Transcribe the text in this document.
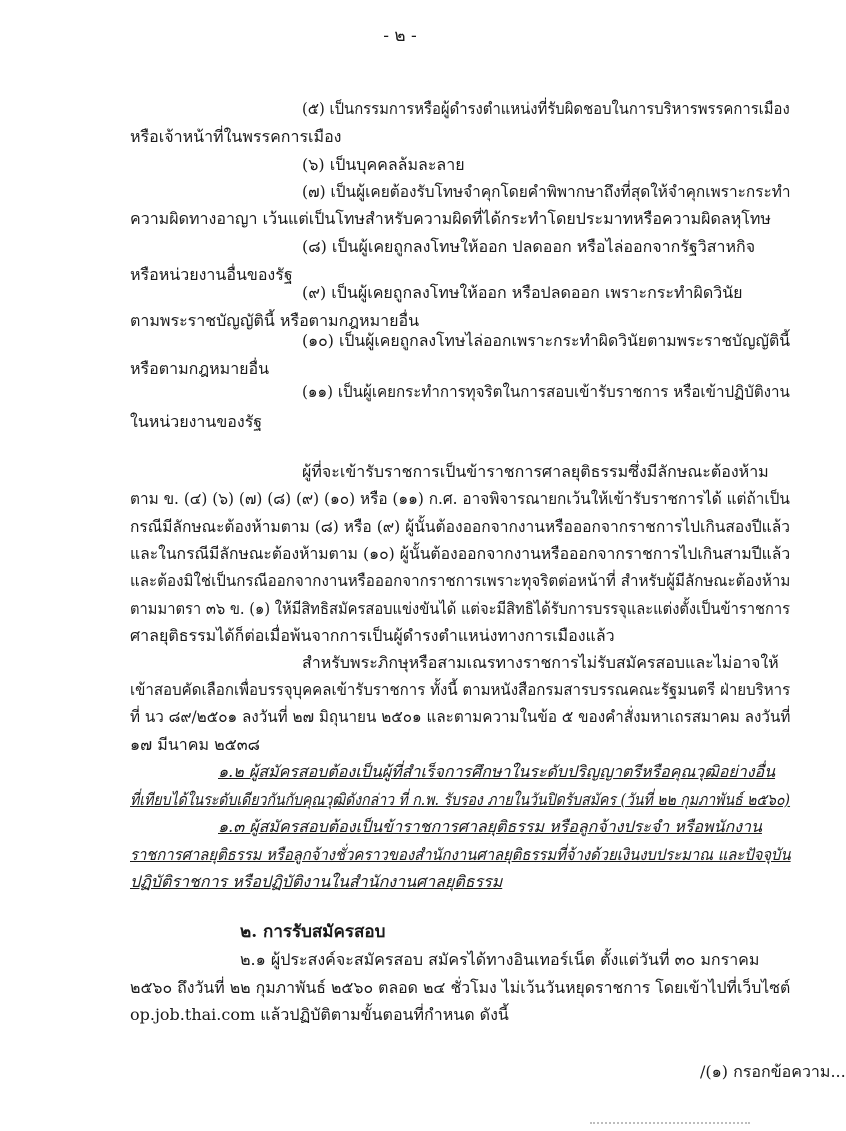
- ๒ -
(๕) เป็นกรรมการหรือผู้ดำรงตำแหน่งที่รับผิดชอบในการบริหารพรรคการเมือง
หรือเจ้าหน้าที่ในพรรคการเมือง
(๖) เป็นบุคคลล้มละลาย
(๗) เป็นผู้เคยต้องรับโทษจำคุกโดยคำพิพากษาถึงที่สุดให้จำคุกเพราะกระทำ
ความผิดทางอาญา เว้นแต่เป็นโทษสำหรับความผิดที่ได้กระทำโดยประมาทหรือความผิดลหุโทษ
(๘) เป็นผู้เคยถูกลงโทษให้ออก ปลดออก หรือไล่ออกจากรัฐวิสาหกิจ
หรือหน่วยงานอื่นของรัฐ
(๙) เป็นผู้เคยถูกลงโทษให้ออก หรือปลดออก เพราะกระทำผิดวินัย
ตามพระราชบัญญัตินี้ หรือตามกฎหมายอื่น
(๑๐) เป็นผู้เคยถูกลงโทษไล่ออกเพราะกระทำผิดวินัยตามพระราชบัญญัตินี้
หรือตามกฎหมายอื่น
(๑๑) เป็นผู้เคยกระทำการทุจริตในการสอบเข้ารับราชการ หรือเข้าปฏิบัติงาน
ในหน่วยงานของรัฐ
ผู้ที่จะเข้ารับราชการเป็นข้าราชการศาลยุติธรรมซึ่งมีลักษณะต้องห้าม
ตาม ข. (๔) (๖) (๗) (๘) (๙) (๑๐) หรือ (๑๑) ก.ศ. อาจพิจารณายกเว้นให้เข้ารับราชการได้ แต่ถ้าเป็น
กรณีมีลักษณะต้องห้ามตาม (๘) หรือ (๙) ผู้นั้นต้องออกจากงานหรือออกจากราชการไปเกินสองปีแล้ว
และในกรณีมีลักษณะต้องห้ามตาม (๑๐) ผู้นั้นต้องออกจากงานหรือออกจากราชการไปเกินสามปีแล้ว
และต้องมิใช่เป็นกรณีออกจากงานหรือออกจากราชการเพราะทุจริตต่อหน้าที่ สำหรับผู้มีลักษณะต้องห้าม
ตามมาตรา ๓๖ ข. (๑) ให้มีสิทธิสมัครสอบแข่งขันได้ แต่จะมีสิทธิได้รับการบรรจุและแต่งตั้งเป็นข้าราชการ
ศาลยุติธรรมได้ก็ต่อเมื่อพ้นจากการเป็นผู้ดำรงตำแหน่งทางการเมืองแล้ว
สำหรับพระภิกษุหรือสามเณรทางราชการไม่รับสมัครสอบและไม่อาจให้
เข้าสอบคัดเลือกเพื่อบรรจุบุคคลเข้ารับราชการ ทั้งนี้ ตามหนังสือกรมสารบรรณคณะรัฐมนตรี ฝ่ายบริหาร
ที่ นว ๘๙/๒๕๐๑ ลงวันที่ ๒๗ มิถุนายน ๒๕๐๑ และตามความในข้อ ๕ ของคำสั่งมหาเถรสมาคม ลงวันที่
๑๗ มีนาคม ๒๕๓๘
๑.๒ ผู้สมัครสอบต้องเป็นผู้ที่สำเร็จการศึกษาในระดับปริญญาตรีหรือคุณวุฒิอย่างอื่น
ที่เทียบได้ในระดับเดียวกันกับคุณวุฒิดังกล่าว ที่ ก.พ. รับรอง ภายในวันปิดรับสมัคร (วันที่ ๒๒ กุมภาพันธ์ ๒๕๖๐)
๑.๓ ผู้สมัครสอบต้องเป็นข้าราชการศาลยุติธรรม หรือลูกจ้างประจำ หรือพนักงาน
ราชการศาลยุติธรรม หรือลูกจ้างชั่วคราวของสำนักงานศาลยุติธรรมที่จ้างด้วยเงินงบประมาณ และปัจจุบัน
ปฏิบัติราชการ หรือปฏิบัติงานในสำนักงานศาลยุติธรรม
๒. การรับสมัครสอบ
๒.๑ ผู้ประสงค์จะสมัครสอบ สมัครได้ทางอินเทอร์เน็ต ตั้งแต่วันที่ ๓๐ มกราคม
๒๕๖๐ ถึงวันที่ ๒๒ กุมภาพันธ์ ๒๕๖๐ ตลอด ๒๔ ชั่วโมง ไม่เว้นวันหยุดราชการ โดยเข้าไปที่เว็บไซต์
op.job.thai.com แล้วปฏิบัติตามขั้นตอนที่กำหนด ดังนี้
/(๑) กรอกข้อความ...
